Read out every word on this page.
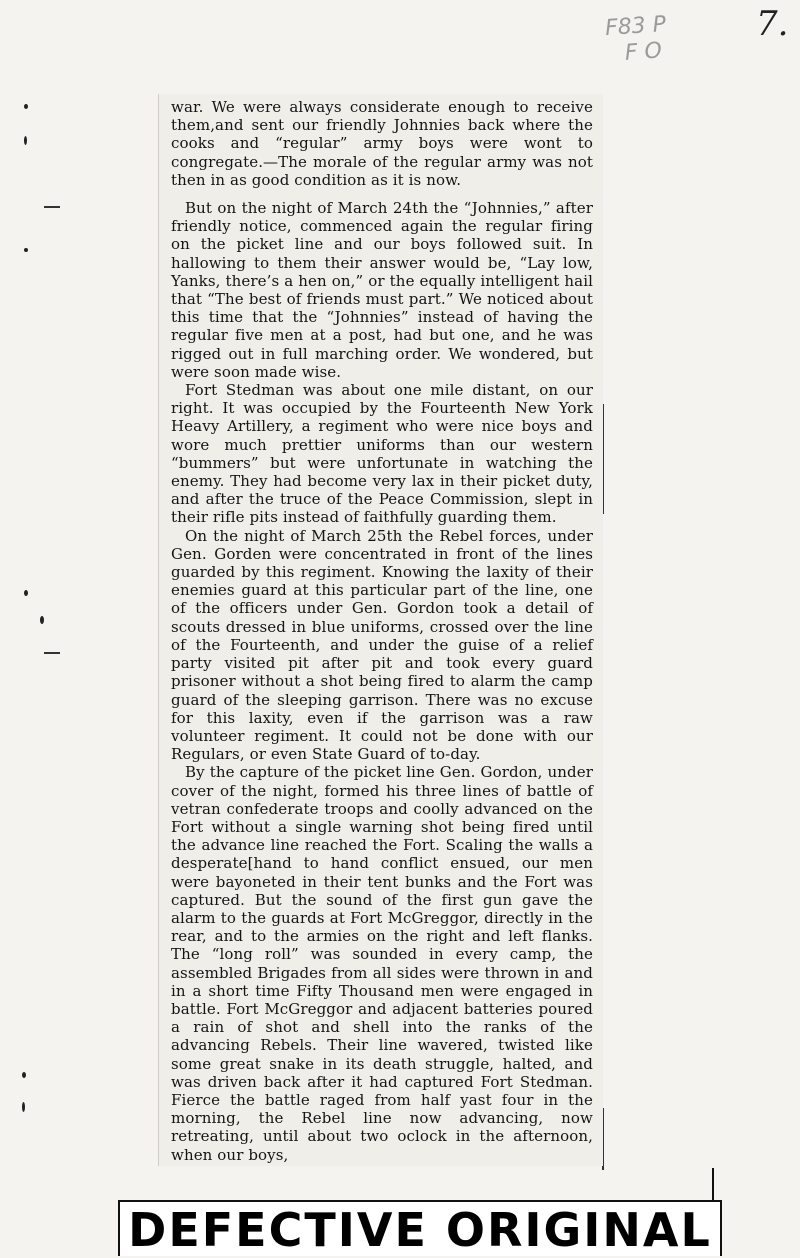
7.
F83 P
F O

war. We were always considerate enough to receive them,and sent our friendly Johnnies back where the cooks and “regular” army boys were wont to congregate.—The morale of the regular army was not then in as good condition as it is now.

But on the night of March 24th the “Johnnies,” after friendly notice, commenced again the regular firing on the picket line and our boys followed suit. In hallowing to them their answer would be, “Lay low, Yanks, there’s a hen on,” or the equally intelligent hail that “The best of friends must part.” We noticed about this time that the “Johnnies” instead of having the regular five men at a post, had but one, and he was rigged out in full marching order. We wondered, but were soon made wise.

Fort Stedman was about one mile distant, on our right. It was occupied by the Fourteenth New York Heavy Artillery, a regiment who were nice boys and wore much prettier uniforms than our western “bummers” but were unfortunate in watching the enemy. They had become very lax in their picket duty, and after the truce of the Peace Commission, slept in their rifle pits instead of faithfully guarding them.

On the night of March 25th the Rebel forces, under Gen. Gorden were concentrated in front of the lines guarded by this regiment. Knowing the laxity of their enemies guard at this particular part of the line, one of the officers under Gen. Gordon took a detail of scouts dressed in blue uniforms, crossed over the line of the Fourteenth, and under the guise of a relief party visited pit after pit and took every guard prisoner without a shot being fired to alarm the camp guard of the sleeping garrison. There was no excuse for this laxity, even if the garrison was a raw volunteer regiment. It could not be done with our Regulars, or even State Guard of to-day.

By the capture of the picket line Gen. Gordon, under cover of the night, formed his three lines of battle of vetran confederate troops and coolly advanced on the Fort without a single warning shot being fired until the advance line reached the Fort. Scaling the walls a desperate[hand to hand conflict ensued, our men were bayoneted in their tent bunks and the Fort was captured. But the sound of the first gun gave the alarm to the guards at Fort McGreggor, directly in the rear, and to the armies on the right and left flanks. The “long roll” was sounded in every camp, the assembled Brigades from all sides were thrown in and in a short time Fifty Thousand men were engaged in battle. Fort McGreggor and adjacent batteries poured a rain of shot and shell into the ranks of the advancing Rebels. Their line wavered, twisted like some great snake in its death struggle, halted, and was driven back after it had captured Fort Stedman. Fierce the battle raged from half yast four in the morning, the Rebel line now advancing, now retreating, until about two oclock in the afternoon, when our boys,

DEFECTIVE ORIGINAL
